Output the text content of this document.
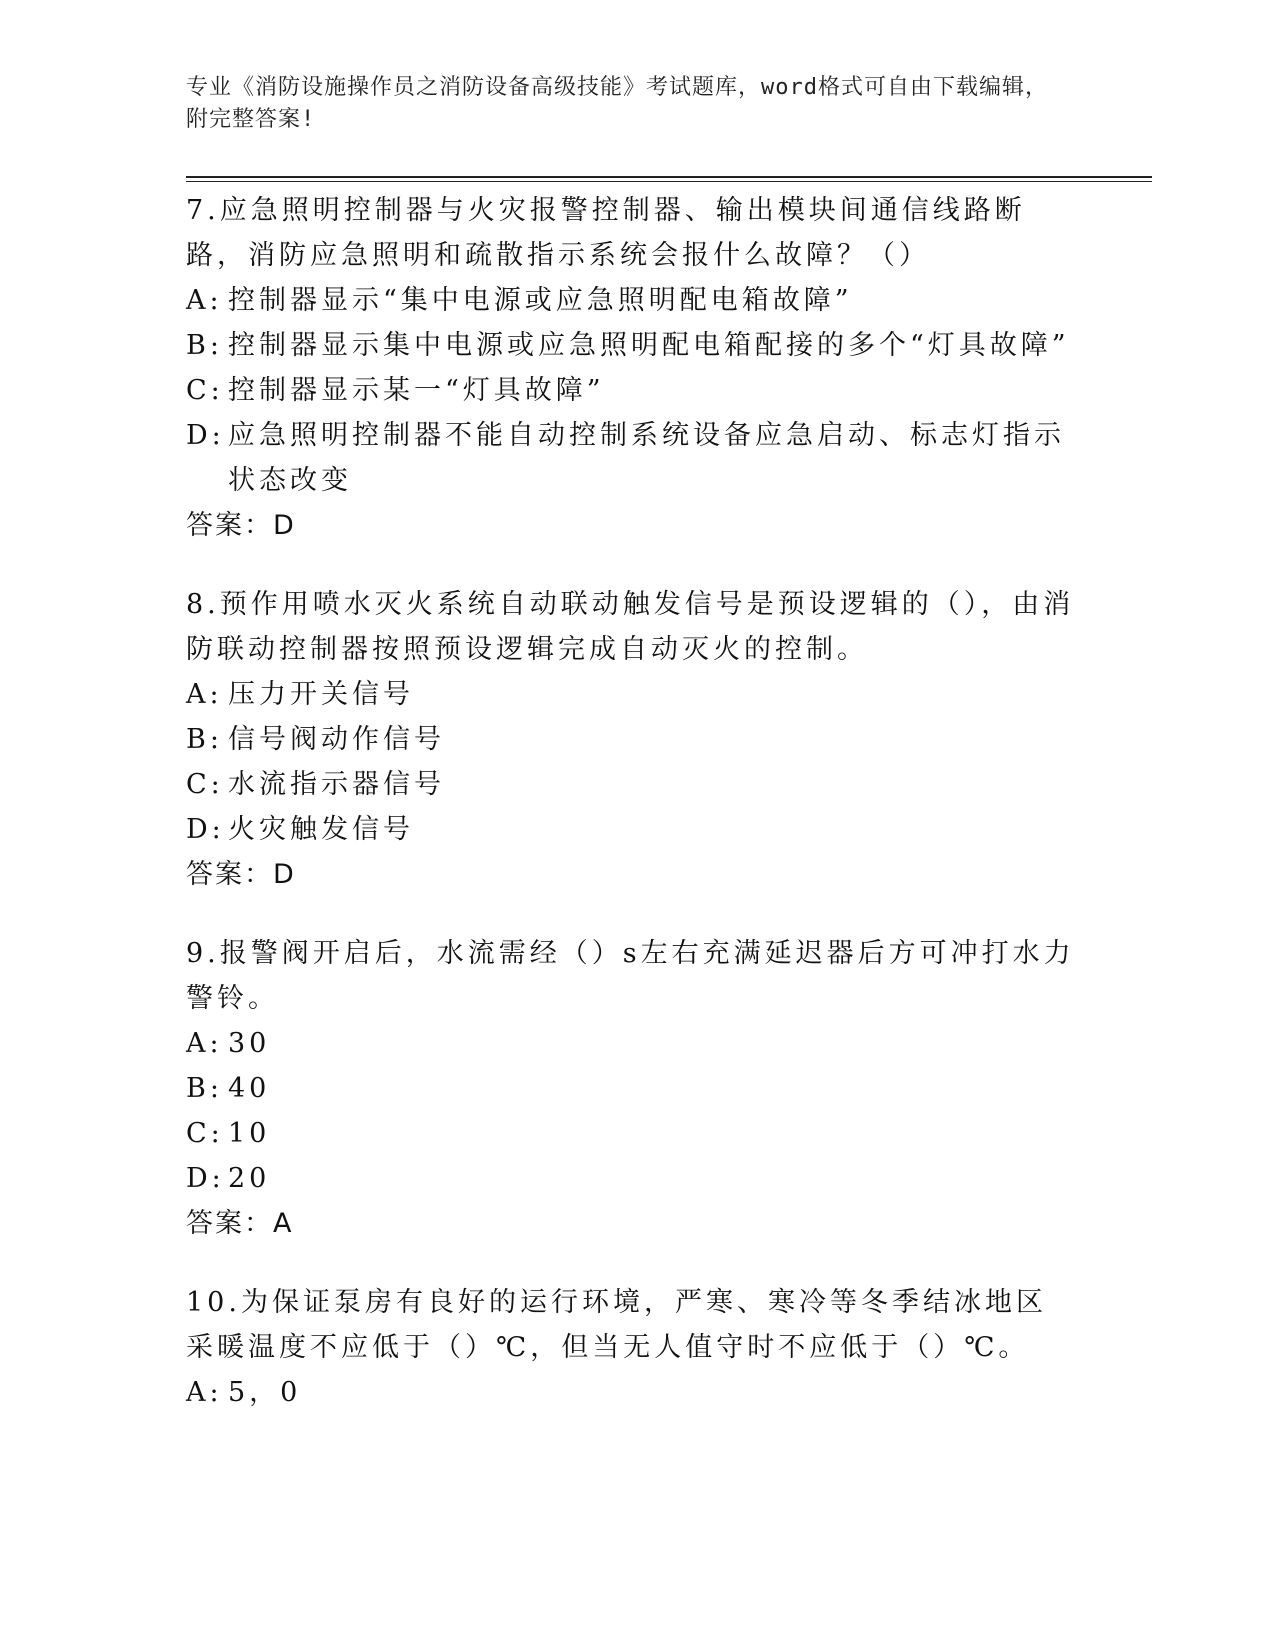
专业《消防设施操作员之消防设备高级技能》考试题库，word格式可自由下载编辑，附完整答案!

7.应急照明控制器与火灾报警控制器、输出模块间通信线路断路，消防应急照明和疏散指示系统会报什么故障？（）

A: 控制器显示“集中电源或应急照明配电箱故障”
B: 控制器显示集中电源或应急照明配电箱配接的多个“灯具故障”
C: 控制器显示某一“灯具故障”
D: 应急照明控制器不能自动控制系统设备应急启动、标志灯指示状态改变

答案：D

8.预作用喷水灭火系统自动联动触发信号是预设逻辑的（），由消防联动控制器按照预设逻辑完成自动灭火的控制。

A: 压力开关信号
B: 信号阀动作信号
C: 水流指示器信号
D: 火灾触发信号

答案：D

9.报警阀开启后，水流需经（）s左右充满延迟器后方可冲打水力警铃。

A: 30
B: 40
C: 10
D: 20

答案：A

10.为保证泵房有良好的运行环境，严寒、寒冷等冬季结冰地区采暖温度不应低于（）℃，但当无人值守时不应低于（）℃。

A: 5，0
